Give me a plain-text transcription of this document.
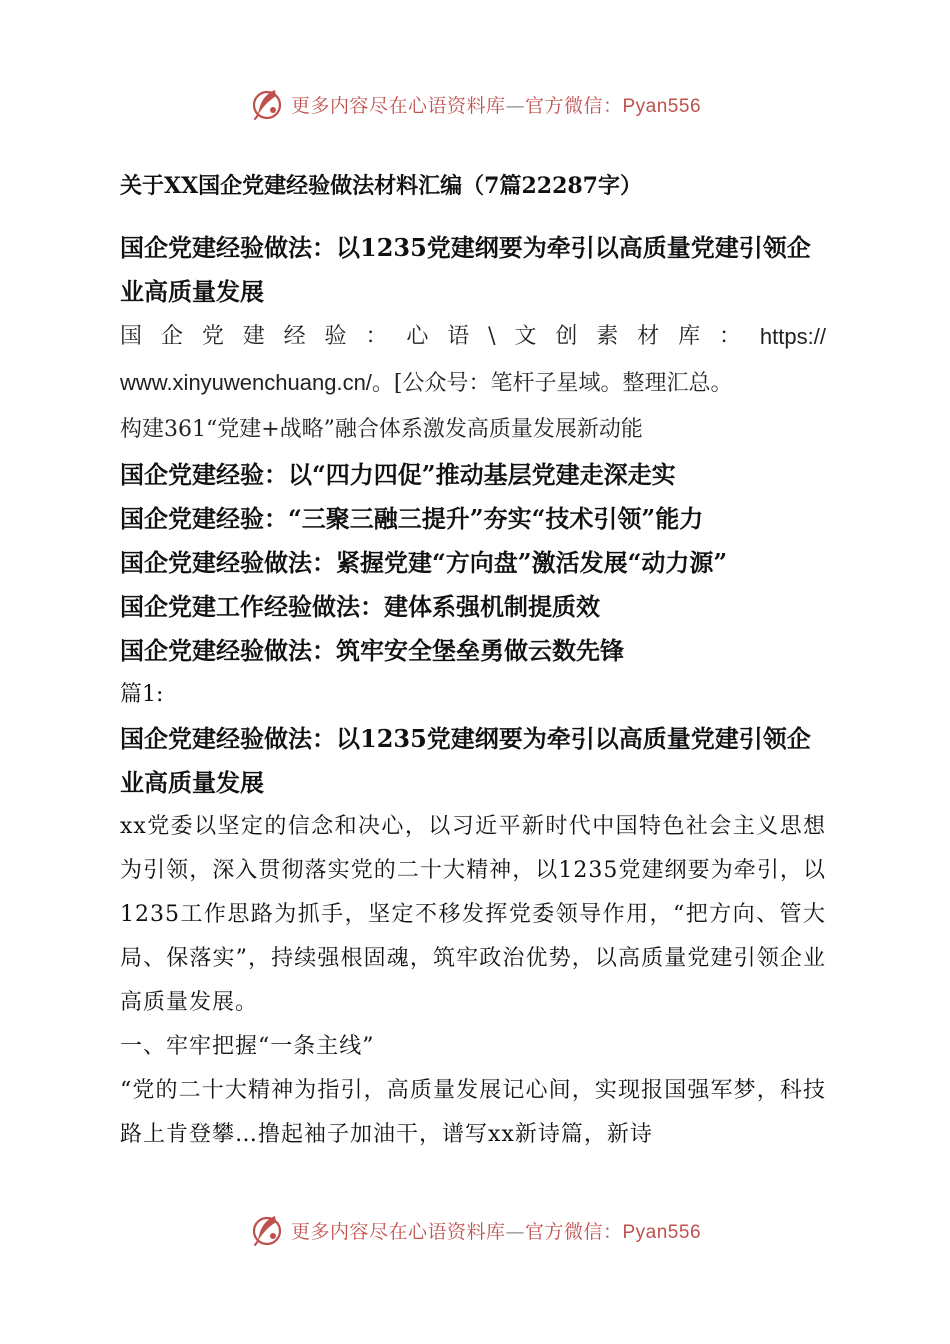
更多内容尽在心语资料库—官方微信：Pyan556

关于XX国企党建经验做法材料汇编（7篇22287字）

国企党建经验做法：以1235党建纲要为牵引以高质量党建引领企业高质量发展

国 企 党 建 经 验 ： 心 语 \ 文 创 素 材 库 ： https://
www.xinyuwenchuang.cn/。[公众号：笔杆子星域。整理汇总。
构建361“党建+战略”融合体系激发高质量发展新动能

国企党建经验：以“四力四促”推动基层党建走深走实

国企党建经验：“三聚三融三提升”夯实“技术引领”能力

国企党建经验做法：紧握党建“方向盘”激活发展“动力源”

国企党建工作经验做法：建体系强机制提质效

国企党建经验做法：筑牢安全堡垒勇做云数先锋

篇1:

国企党建经验做法：以1235党建纲要为牵引以高质量党建引领企业高质量发展

xx党委以坚定的信念和决心，以习近平新时代中国特色社会主义思想为引领，深入贯彻落实党的二十大精神，以1235党建纲要为牵引，以1235工作思路为抓手，坚定不移发挥党委领导作用，“把方向、管大局、保落实”，持续强根固魂，筑牢政治优势，以高质量党建引领企业高质量发展。

一、牢牢把握“一条主线”

“党的二十大精神为指引，高质量发展记心间，实现报国强军梦，科技路上肯登攀…撸起袖子加油干，谱写xx新诗篇，新诗

更多内容尽在心语资料库—官方微信：Pyan556
